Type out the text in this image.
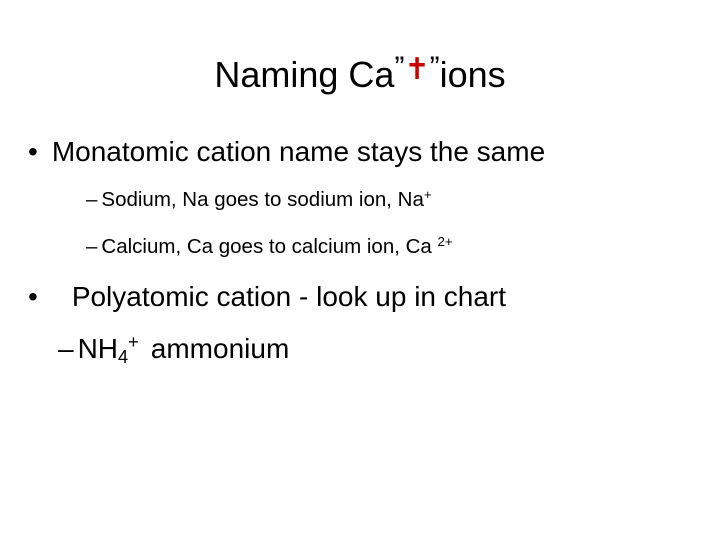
Naming Ca”✝”ions
• Monatomic cation name stays the same
– Sodium, Na goes to sodium ion, Na+
– Calcium, Ca goes to calcium ion, Ca $^{2+}$
• Polyatomic cation - look up in chart
– $NH_4^+$ ammonium
